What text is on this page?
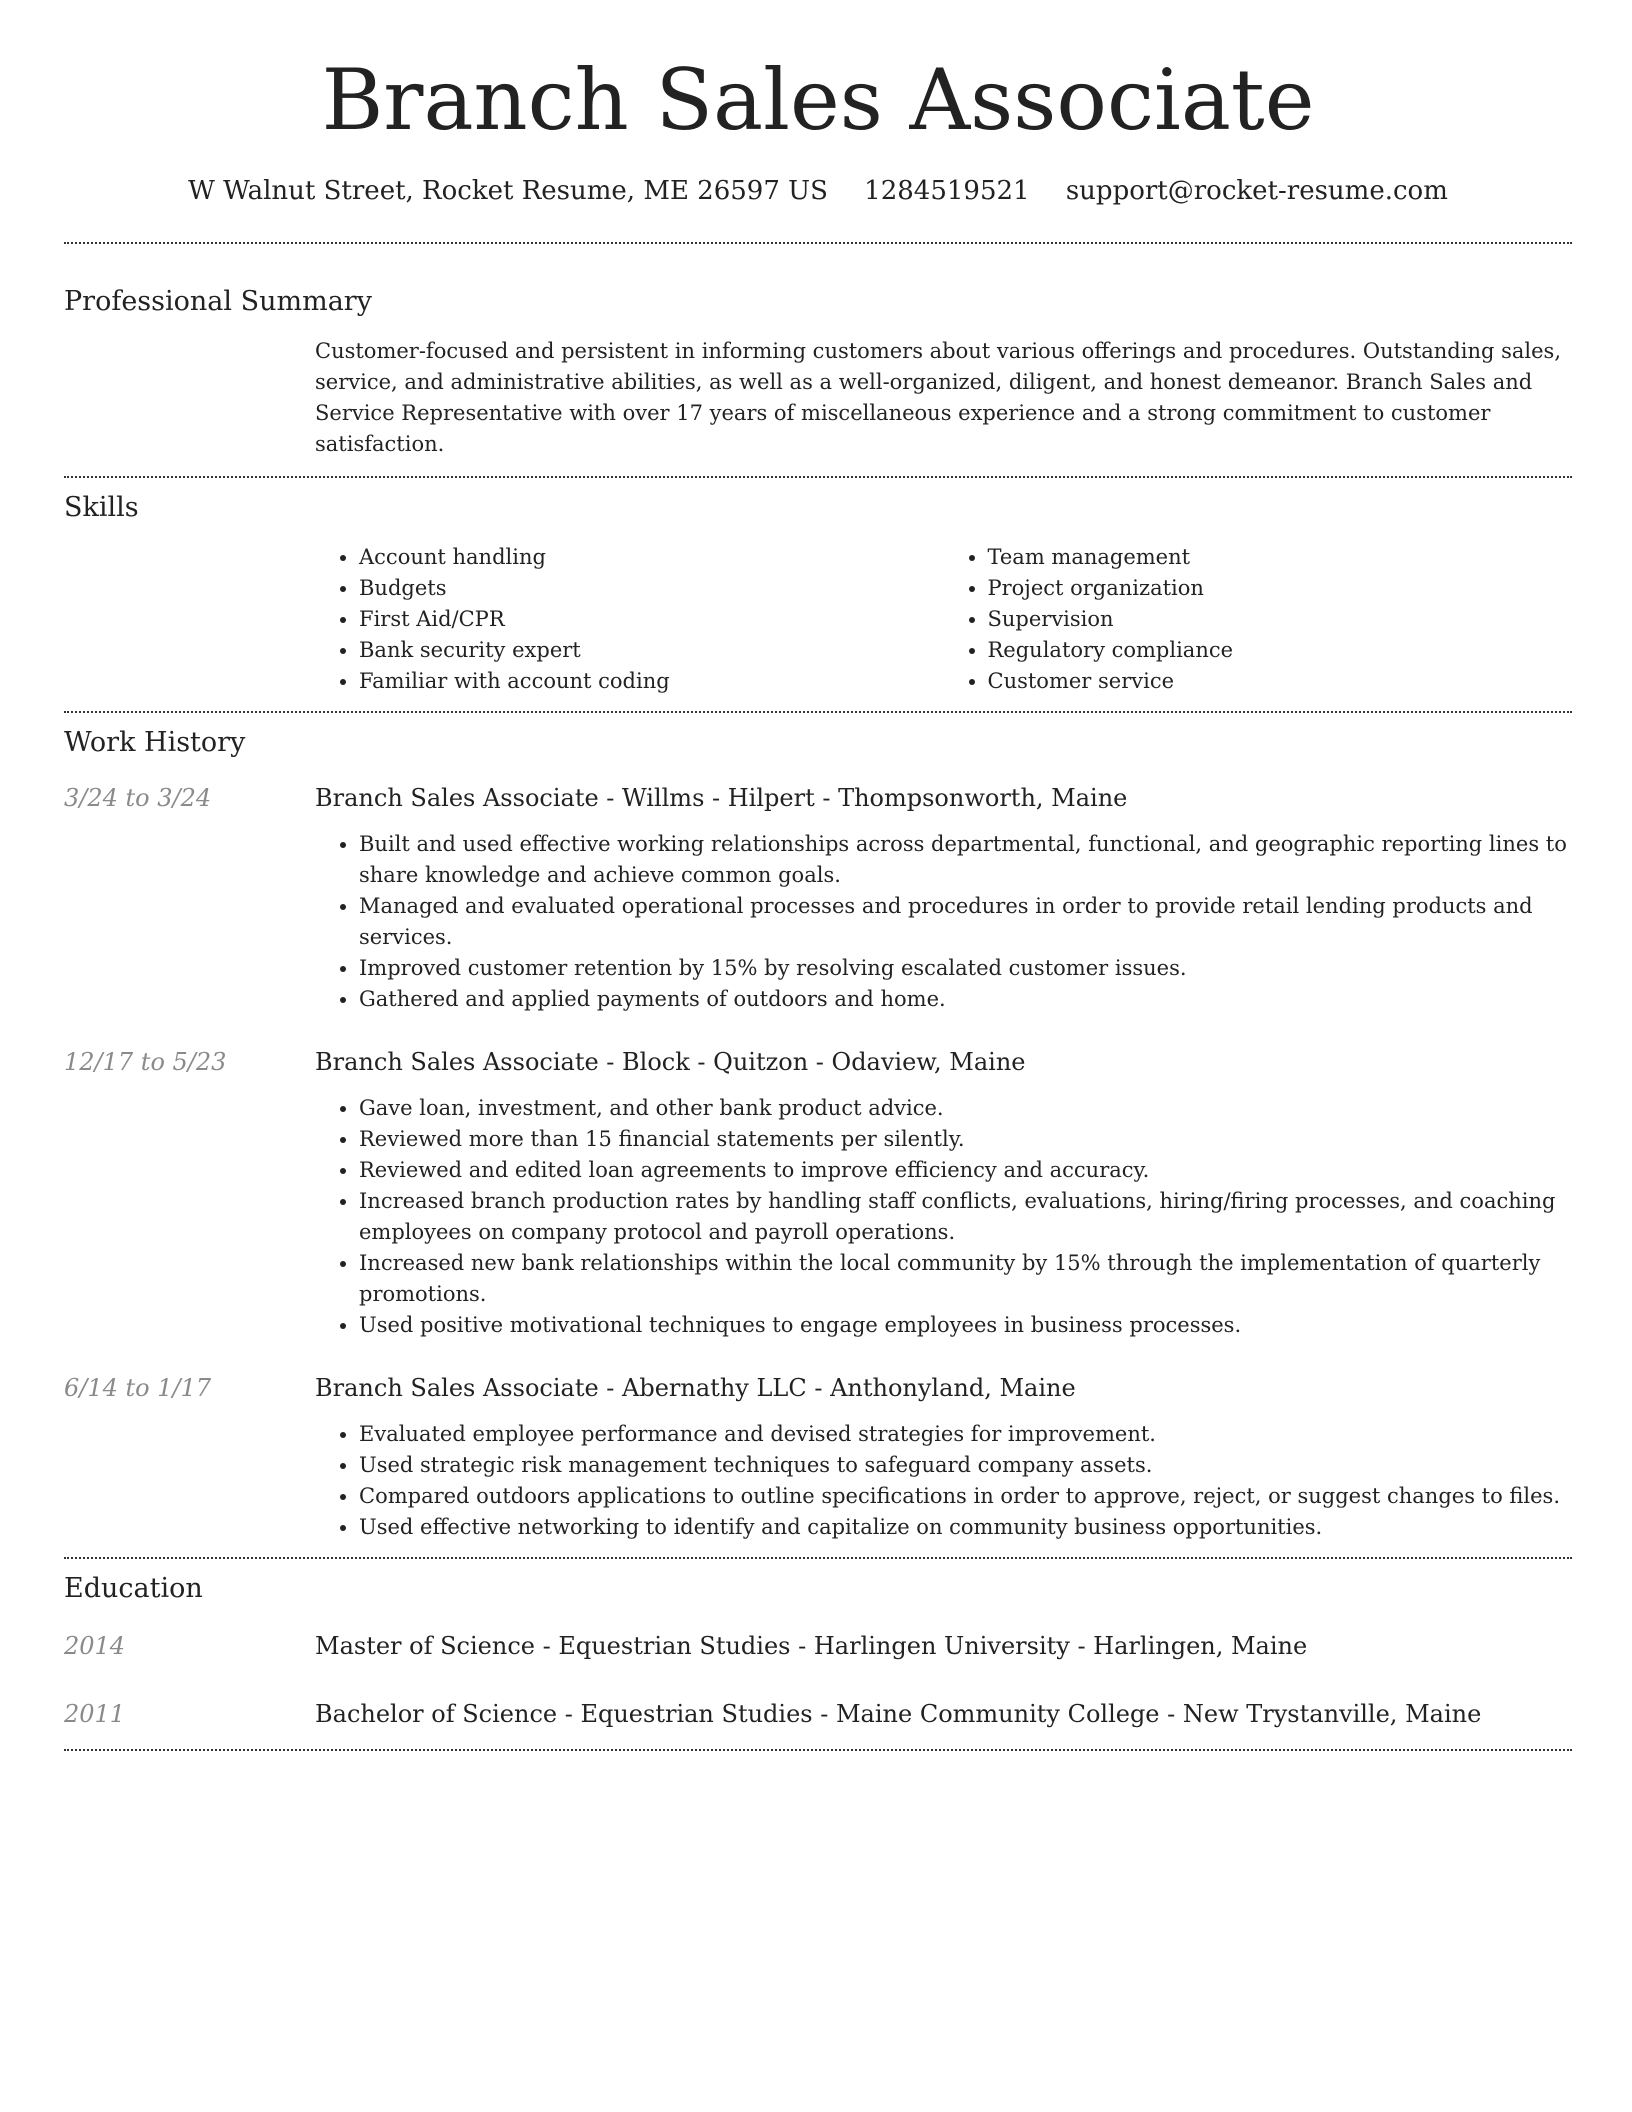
Branch Sales Associate
W Walnut Street, Rocket Resume, ME 26597 US 1284519521 support@rocket-resume.com
Professional Summary

Customer-focused and persistent in informing customers about various offerings and procedures. Outstanding sales, service, and administrative abilities, as well as a well-organized, diligent, and honest demeanor. Branch Sales and Service Representative with over 17 years of miscellaneous experience and a strong commitment to customer satisfaction.

Skills
• Account handling
• Budgets
• First Aid/CPR
• Bank security expert
• Familiar with account coding
• Team management
• Project organization
• Supervision
• Regulatory compliance
• Customer service
Work History
3/24 to 3/24	Branch Sales Associate - Willms - Hilpert - Thompsonworth, Maine
• Built and used effective working relationships across departmental, functional, and geographic reporting lines to share knowledge and achieve common goals.
• Managed and evaluated operational processes and procedures in order to provide retail lending products and services.
• Improved customer retention by 15% by resolving escalated customer issues.
• Gathered and applied payments of outdoors and home.
12/17 to 5/23	Branch Sales Associate - Block - Quitzon - Odaview, Maine
• Gave loan, investment, and other bank product advice.
• Reviewed more than 15 financial statements per silently.
• Reviewed and edited loan agreements to improve efficiency and accuracy.
• Increased branch production rates by handling staff conflicts, evaluations, hiring/firing processes, and coaching employees on company protocol and payroll operations.
• Increased new bank relationships within the local community by 15% through the implementation of quarterly promotions.
• Used positive motivational techniques to engage employees in business processes.
6/14 to 1/17	Branch Sales Associate - Abernathy LLC - Anthonyland, Maine
• Evaluated employee performance and devised strategies for improvement.
• Used strategic risk management techniques to safeguard company assets.
• Compared outdoors applications to outline specifications in order to approve, reject, or suggest changes to files.
• Used effective networking to identify and capitalize on community business opportunities.
Education
2014	Master of Science - Equestrian Studies - Harlingen University - Harlingen, Maine
2011	Bachelor of Science - Equestrian Studies - Maine Community College - New Trystanville, Maine
